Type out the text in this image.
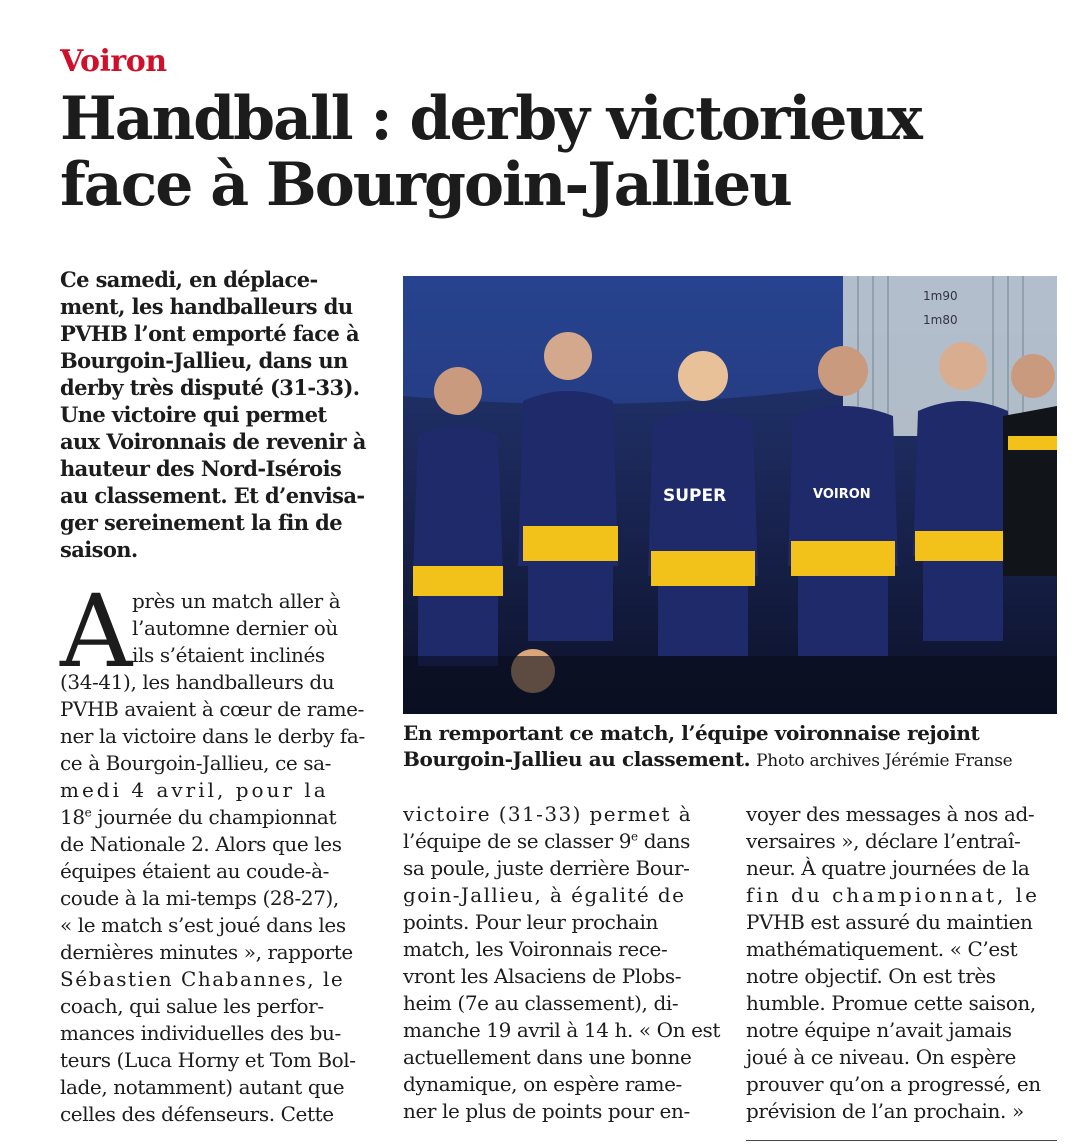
Voiron
Handball : derby victorieux
face à Bourgoin-Jallieu
Ce samedi, en déplace-
ment, les handballeurs du
PVHB l’ont emporté face à
Bourgoin-Jallieu, dans un
derby très disputé (31-33).
Une victoire qui permet
aux Voironnais de revenir à
hauteur des Nord-Isérois
au classement. Et d’envisa-
ger sereinement la fin de
saison.
A près un match aller à
l’automne dernier où
ils s’étaient inclinés
(34-41), les handballeurs du
PVHB avaient à cœur de rame-
ner la victoire dans le derby fa-
ce à Bourgoin-Jallieu, ce sa-
medi 4 avril, pour la
18e journée du championnat
de Nationale 2. Alors que les
équipes étaient au coude-à-
coude à la mi-temps (28-27),
« le match s’est joué dans les
dernières minutes », rapporte
Sébastien Chabannes, le
coach, qui salue les perfor-
mances individuelles des bu-
teurs (Luca Horny et Tom Bol-
lade, notamment) autant que
celles des défenseurs. Cette
1m90
1m80
SUPER	VOIRON
En remportant ce match, l’équipe voironnaise rejoint
Bourgoin-Jallieu au classement. Photo archives Jérémie Franse
victoire (31-33) permet à
l’équipe de se classer 9e dans
sa poule, juste derrière Bour-
goin-Jallieu, à égalité de
points. Pour leur prochain
match, les Voironnais rece-
vront les Alsaciens de Plobs-
heim (7e au classement), di-
manche 19 avril à 14 h. « On est
actuellement dans une bonne
dynamique, on espère rame-
ner le plus de points pour en-
voyer des messages à nos ad-
versaires », déclare l’entraî-
neur. À quatre journées de la
fin du championnat, le
PVHB est assuré du maintien
mathématiquement. « C’est
notre objectif. On est très
humble. Promue cette saison,
notre équipe n’avait jamais
joué à ce niveau. On espère
prouver qu’on a progressé, en
prévision de l’an prochain. »
